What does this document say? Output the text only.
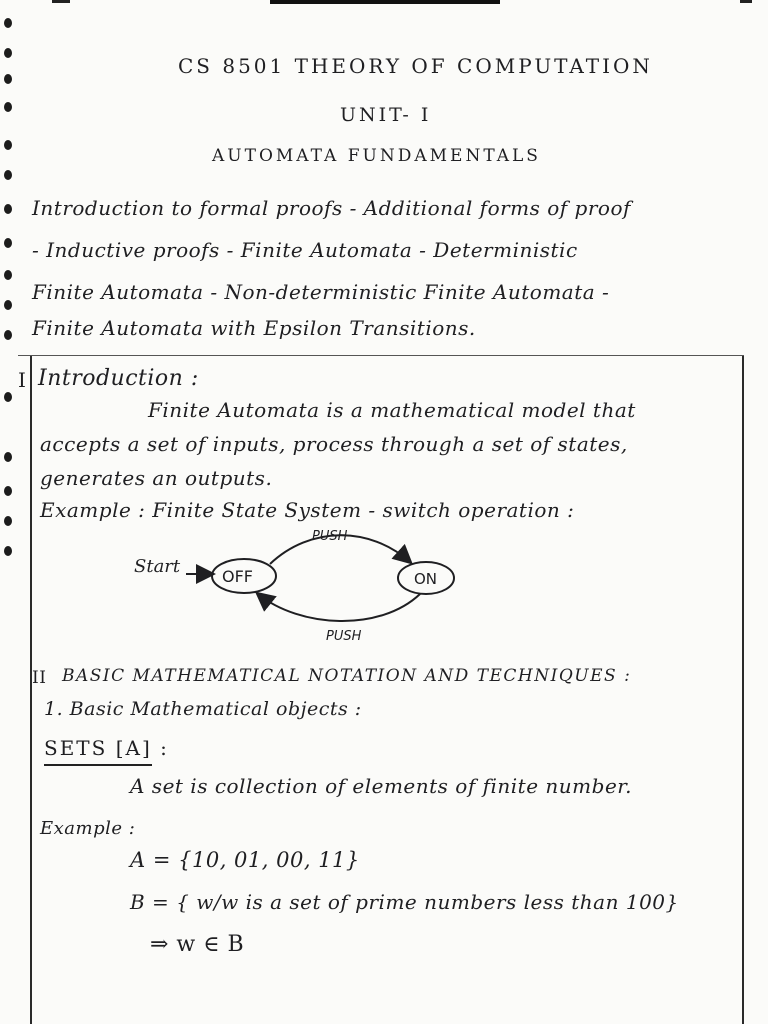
CS 8501 THEORY OF COMPUTATION
UNIT- I
AUTOMATA FUNDAMENTALS
Introduction to formal proofs - Additional forms of proof
- Inductive proofs - Finite Automata - Deterministic
Finite Automata - Non-deterministic Finite Automata -
Finite Automata with Epsilon Transitions.
I Introduction :
Finite Automata is a mathematical model that
accepts a set of inputs, process through a set of states,
generates an outputs.
Example : Finite State System - switch operation :
Start	OFF	ON
PUSH
PUSH
II BASIC MATHEMATICAL NOTATION AND TECHNIQUES :
1. Basic Mathematical objects :
SETS [A] :
A set is collection of elements of finite number.
Example :
A = {10, 01, 00, 11}
B = { w/w is a set of prime numbers less than 100}
⇒ w ∈ B
